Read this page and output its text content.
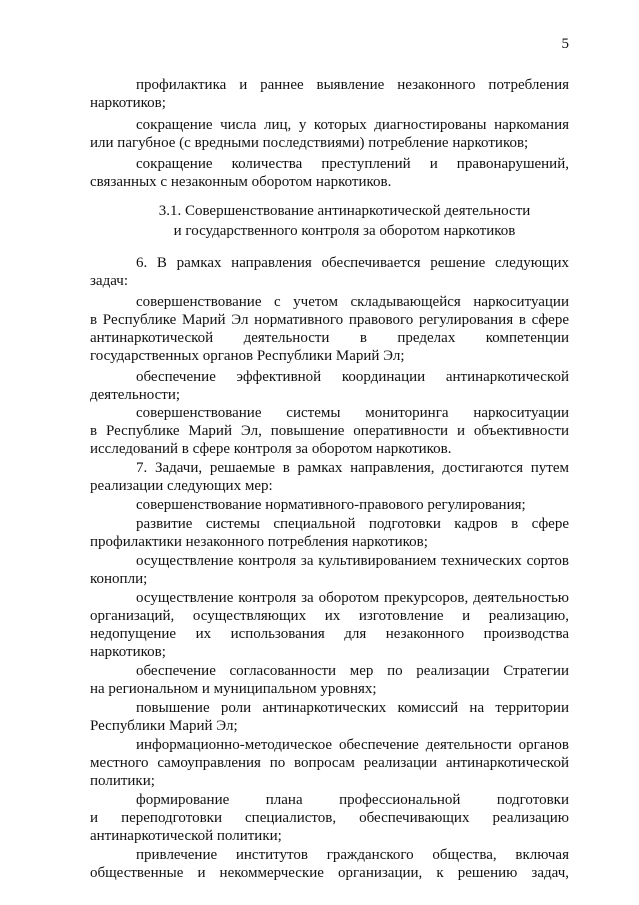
5
профилактика и раннее выявление незаконного потребления
наркотиков;
сокращение числа лиц, у которых диагностированы наркомания
или пагубное (с вредными последствиями) потребление наркотиков;
сокращение количества преступлений и правонарушений,
связанных с незаконным оборотом наркотиков.
3.1. Совершенствование антинаркотической деятельности
и государственного контроля за оборотом наркотиков
6. В рамках направления обеспечивается решение следующих
задач:
совершенствование с учетом складывающейся наркоситуации
в Республике Марий Эл нормативного правового регулирования в сфере
антинаркотической деятельности в пределах компетенции
государственных органов Республики Марий Эл;
обеспечение эффективной координации антинаркотической
деятельности;
совершенствование системы мониторинга наркоситуации
в Республике Марий Эл, повышение оперативности и объективности
исследований в сфере контроля за оборотом наркотиков.
7. Задачи, решаемые в рамках направления, достигаются путем
реализации следующих мер:
совершенствование нормативного-правового регулирования;
развитие системы специальной подготовки кадров в сфере
профилактики незаконного потребления наркотиков;
осуществление контроля за культивированием технических сортов
конопли;
осуществление контроля за оборотом прекурсоров, деятельностью
организаций, осуществляющих их изготовление и реализацию,
недопущение их использования для незаконного производства
наркотиков;
обеспечение согласованности мер по реализации Стратегии
на региональном и муниципальном уровнях;
повышение роли антинаркотических комиссий на территории
Республики Марий Эл;
информационно-методическое обеспечение деятельности органов
местного самоуправления по вопросам реализации антинаркотической
политики;
формирование плана профессиональной подготовки
и переподготовки специалистов, обеспечивающих реализацию
антинаркотической политики;
привлечение институтов гражданского общества, включая
общественные и некоммерческие организации, к решению задач,
